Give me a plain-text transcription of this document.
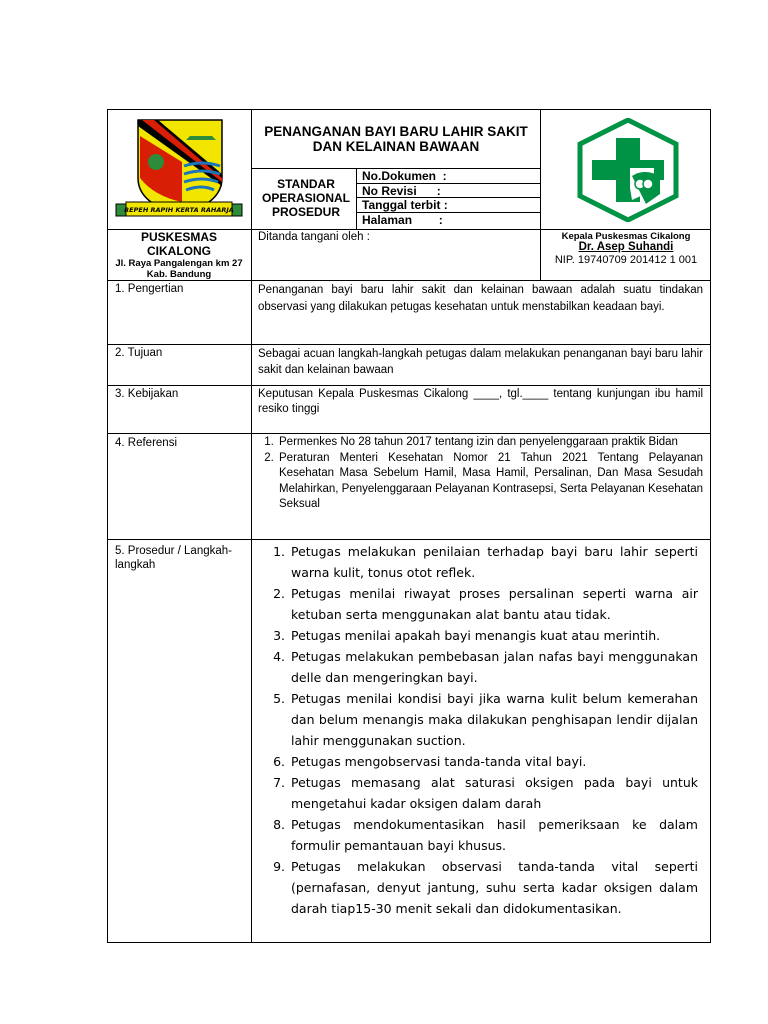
REPEH RAPIH KERTA RAHARJA
PENANGANAN BAYI BARU LAHIR SAKIT DAN KELAINAN BAWAAN
STANDAR OPERASIONAL PROSEDUR
No.Dokumen  :
No Revisi      :
Tanggal terbit :
Halaman        :
PUSKESMAS CIKALONG
Jl. Raya Pangalengan km 27 Kab. Bandung
Ditanda tangani oleh :	Kepala Puskesmas Cikalong
Dr. Asep Suhandi
NIP. 19740709 201412 1 001
1. Pengertian	Penanganan bayi baru lahir sakit dan kelainan bawaan adalah suatu tindakan observasi yang dilakukan petugas kesehatan untuk menstabilkan keadaan bayi.
2. Tujuan	Sebagai acuan langkah-langkah petugas dalam melakukan penanganan bayi baru lahir sakit dan kelainan bawaan
3. Kebijakan	Keputusan Kepala Puskesmas Cikalong ____, tgl.____ tentang kunjungan ibu hamil resiko tinggi
4. Referensi
1.	Permenkes No 28 tahun 2017 tentang izin dan penyelenggaraan praktik Bidan
2. Peraturan Menteri Kesehatan Nomor 21 Tahun 2021 Tentang Pelayanan Kesehatan Masa Sebelum Hamil, Masa Hamil, Persalinan, Dan Masa Sesudah Melahirkan, Penyelenggaraan Pelayanan Kontrasepsi, Serta Pelayanan Kesehatan Seksual
5. Prosedur / Langkah-langkah
1. Petugas melakukan penilaian terhadap bayi baru lahir seperti warna kulit, tonus otot reflek.
2. Petugas menilai riwayat proses persalinan seperti warna air ketuban serta menggunakan alat bantu atau tidak.
3. Petugas menilai apakah bayi menangis kuat atau merintih.
4. Petugas melakukan pembebasan jalan nafas bayi menggunakan delle dan mengeringkan bayi.
5. Petugas menilai kondisi bayi jika warna kulit belum kemerahan dan belum menangis maka dilakukan penghisapan lendir dijalan lahir menggunakan suction.
6. Petugas mengobservasi tanda-tanda vital bayi.
7. Petugas memasang alat saturasi oksigen pada bayi untuk mengetahui kadar oksigen dalam darah
8. Petugas mendokumentasikan hasil pemeriksaan ke dalam formulir pemantauan bayi khusus.
9. Petugas melakukan observasi tanda-tanda vital seperti (pernafasan, denyut jantung, suhu serta kadar oksigen dalam darah tiap15-30 menit sekali dan didokumentasikan.
